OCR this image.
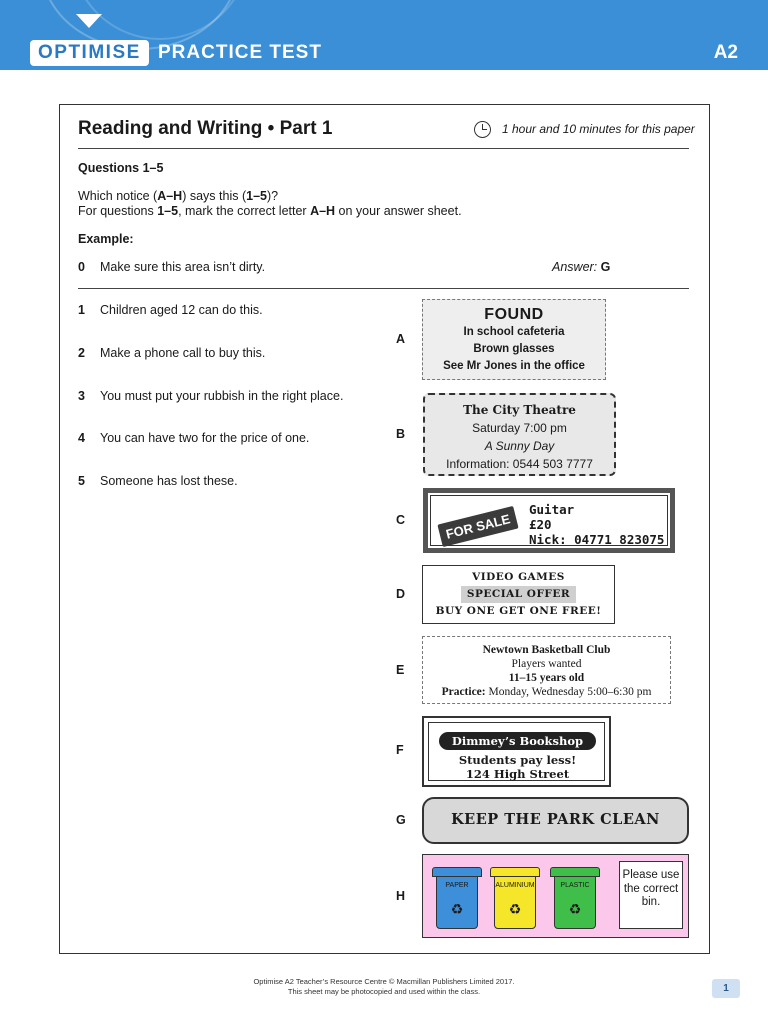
OPTIMISE PRACTICE TEST	A2
Reading and Writing • Part 1	1 hour and 10 minutes for this paper
Questions 1–5
Which notice (A–H) says this (1–5)?
For questions 1–5, mark the correct letter A–H on your answer sheet.
Example:
0 Make sure this area isn’t dirty.	Answer: G
1 Children aged 12 can do this.
2 Make a phone call to buy this.
3 You must put your rubbish in the right place.
4 You can have two for the price of one.
5 Someone has lost these.
A
B
C
D
E
F
G
H
FOUND
In school cafeteria
Brown glasses
See Mr Jones in the office
The City Theatre
Saturday 7:00 pm
A Sunny Day
Information: 0544 503 7777
FOR SALE
Guitar
£20
Nick: 04771 823075
VIDEO GAMES
SPECIAL OFFER
BUY ONE GET ONE FREE!
Newtown Basketball Club
Players wanted
11–15 years old
Practice: Monday, Wednesday 5:00–6:30 pm
Dimmey’s Bookshop
Students pay less!
124 High Street
KEEP THE PARK CLEAN
PAPER
♻
ALUMINIUM
♻
PLASTIC
♻
Please use the correct bin.
Optimise A2 Teacher’s Resource Centre © Macmillan Publishers Limited 2017.
This sheet may be photocopied and used within the class.	1
